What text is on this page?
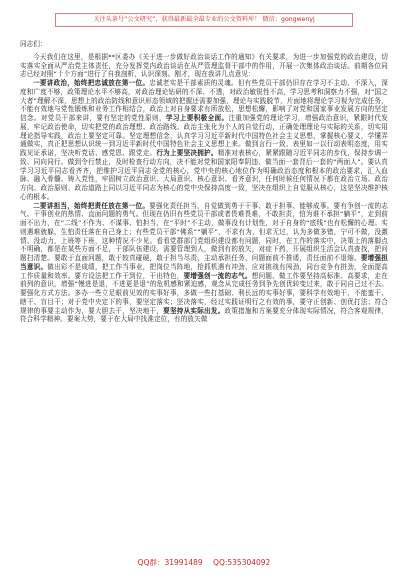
关注头条号“公文研究”，获得最新最全最专业的公文资料库！ 微信：gongwenyj

同志们：

今天我们在这里，是根据**区委办《关于进一步做好政治谈话工作的通知》有关要求，为进一步加强党的政治建设，切实落实全面从严治党主体责任，充分发挥党内政治谈话在从严管理监督干部中的作用，开展一次集体政治谈话。前期各位同志已经对照“十个方面”进行了自我剖析，认识深刻。刚才，现在我讲几点意见：

一要讲政治，始终把忠诚放在第一位。忠诚老实是干部素质的灵魂。但有些党员干部仍旧存在学习不主动、不深入，深度和广度不够，政策理论水平不够高，对政治理论钻研的不深、不透，对政治敏锐性不高，学习思考和洞察力不强，对“国之大者”理解不深，思想上的政治防线和意识形态领域的把握还需要加强，理论与实践脱节，片面地将理论学习视为完成任务，不能有效地与党性锻炼和业务工作相结合，政治上对自身要求有所放松，思想松懈，影响了对党和国家事业发展方向的坚定信念。对党员干部来讲，要有坚定的党性原则，学习上要积极全面。注重加强党的理论学习，增强政治意识，紧跟时代发展，牢记政治使命，切实把党的政治理想、政治路线、政治主张化为个人的自觉行动，正确处理理论与实际的关系，切实用理论指导实践，政治上要坚定可靠。坚定理想信念，认真学习习近平新时代中国特色社会主义思想，掌握核心要义，学懂弄通做实，真正把思想认识统一到习近平新时代中国特色社会主义思想上来。做到言行一致、表里如一以行动表明态度，用实践见证承诺，坚决听党话、感党恩、跟党走。行为上要坚决拥护。精准对表核心，紧紧跟随习近平同志的步伐，保持步调一致、同向同行。做到令行禁止，及时检查行动方向，决不能对党和国家阳奉阴违、做当面一套背后一套的“两面人”。要认真学习习近平同志看齐齐，把维护习近平同志全党的核心，党中央的核心地位作为明确政治态度和根本的政治要求，汇入血脉、融入骨髓、铸入党性，牢固树立政治意识、大局意识、核心意识、看齐意识，任何时候任何情况下都在政治立场、政治方向、政治原则、政治道路上同以习近平同志为核心的党中央保持高度一致，坚决在组织上自觉服从核心，这是坚决维护核心的根本。

二要讲担当，始终把责任放在第一位。要强化责任担当，自觉做到勇于干事、敢于担事、能够成事。要有争创一流的志气、干事创业的热情、直面问题的勇气。但现在仍旧有些党员干部或者畏难畏难，不敢担责，怕为谁不承担“躺平”，走到前面不出力，在“二线”不作为、不谋事、怕担当，在“平时”不主动，做事没有计划性，对于自身的“底线”也有松懈的心理。实则遇难就躲，生怕责任落在自己身上；有些党员干部“佛系”“躺平”，不求有为，但求无过，认为多做多错，宁可不做，没激情、没动力，上班等下班，这种情况不少见。看看党群部门党组织建设都有问题，同时，在工作的落实中，决策上的落脚点不明确，都是在某些方面不足，干部队伍建设，需要管理到人，做到有的放矢，对症下药，开展组织生活会认真查找，把问题扫清楚。要敢于直面问题，敢于较真碰硬，敢于担当尽责，主动承担任务，问题面前不推诿，责任面前不退缩。要增强担当意识。做出彩不是成绩，把工作当事业，把岗位当阵地，抢抓机遇有冲劲、应对挑战有闯劲，同台竞争有拼劲，全面提高工作质量和效率。要方设法把工作干到位，干出特色，要增强创一流的志气。想问题、做工作要坚持高标准、高要求，走在前列的意识，增强“慢进是退，不进更是退”的危机感和紧迫感，观念从完成任务到争先创优转变过来，敢于同自己过不去。要强化方式方法。多办一些立足眼前见效的实事好事，多做一些打基础、利长远的实事好事，要科学有效地干，不能蛮干、瞎干、盲目干；对于党中央定下的事，要坚定落实；坚决落实，经过实践证明行之有效的事，要守正创新、创优打法；符合规律的事要主动作为，要大胆去干，坚决地干，要坚持从实际出发。政策措施和方案要充分体现实际情况，符合客观规律，符合科学精神。要案大势，要于在大局中找准定位，有的放矢做

QQ群：31991489 QQ:535304092
